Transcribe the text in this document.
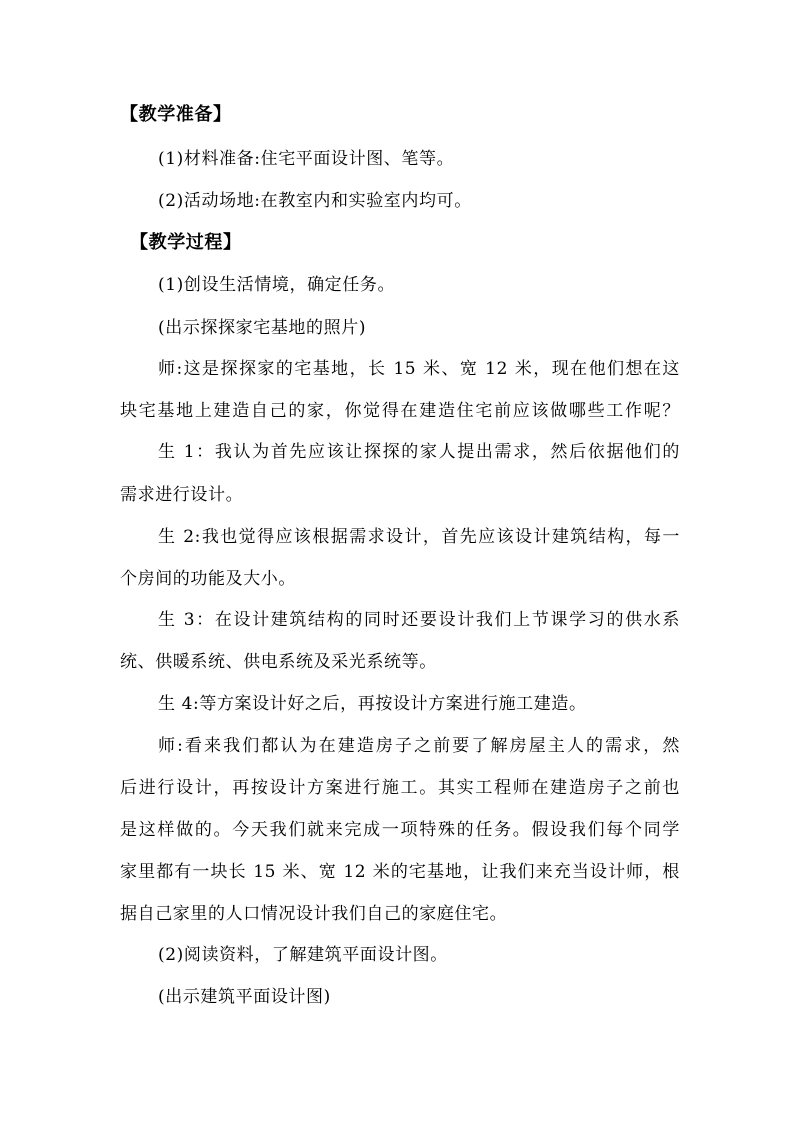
【教学准备】
(1)材料准备:住宅平面设计图、笔等。
(2)活动场地:在教室内和实验室内均可。
【教学过程】
(1)创设生活情境，确定任务。
(出示探探家宅基地的照片)
师:这是探探家的宅基地，长 15 米、宽 12 米，现在他们想在这
块宅基地上建造自己的家，你觉得在建造住宅前应该做哪些工作呢？
生 1：我认为首先应该让探探的家人提出需求，然后依据他们的
需求进行设计。
生 2:我也觉得应该根据需求设计，首先应该设计建筑结构，每一
个房间的功能及大小。
生 3：在设计建筑结构的同时还要设计我们上节课学习的供水系
统、供暖系统、供电系统及采光系统等。
生 4:等方案设计好之后，再按设计方案进行施工建造。
师:看来我们都认为在建造房子之前要了解房屋主人的需求，然
后进行设计，再按设计方案进行施工。其实工程师在建造房子之前也
是这样做的。今天我们就来完成一项特殊的任务。假设我们每个同学
家里都有一块长 15 米、宽 12 米的宅基地，让我们来充当设计师，根
据自己家里的人口情况设计我们自己的家庭住宅。
(2)阅读资料，了解建筑平面设计图。
(出示建筑平面设计图)
